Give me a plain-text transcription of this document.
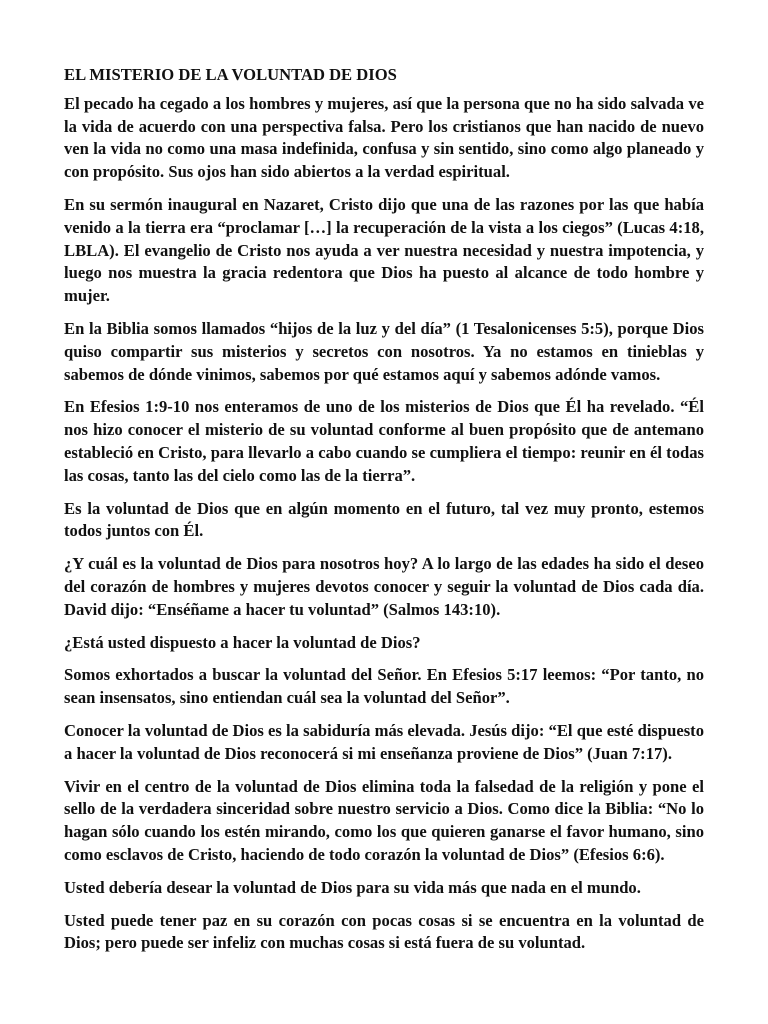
EL MISTERIO DE LA VOLUNTAD DE DIOS

El pecado ha cegado a los hombres y mujeres, así que la persona que no ha sido salvada ve la vida de acuerdo con una perspectiva falsa. Pero los cristianos que han nacido de nuevo ven la vida no como una masa indefinida, confusa y sin sentido, sino como algo planeado y con propósito. Sus ojos han sido abiertos a la verdad espiritual.

En su sermón inaugural en Nazaret, Cristo dijo que una de las razones por las que había venido a la tierra era “proclamar […] la recuperación de la vista a los ciegos” (Lucas 4:18, LBLA). El evangelio de Cristo nos ayuda a ver nuestra necesidad y nuestra impotencia, y luego nos muestra la gracia redentora que Dios ha puesto al alcance de todo hombre y mujer.

En la Biblia somos llamados “hijos de la luz y del día” (1 Tesalonicenses 5:5), porque Dios quiso compartir sus misterios y secretos con nosotros. Ya no estamos en tinieblas y sabemos de dónde vinimos, sabemos por qué estamos aquí y sabemos adónde vamos.

En Efesios 1:9-10 nos enteramos de uno de los misterios de Dios que Él ha revelado. “Él nos hizo conocer el misterio de su voluntad conforme al buen propósito que de antemano estableció en Cristo, para llevarlo a cabo cuando se cumpliera el tiempo: reunir en él todas las cosas, tanto las del cielo como las de la tierra”.

Es la voluntad de Dios que en algún momento en el futuro, tal vez muy pronto, estemos todos juntos con Él.

¿Y cuál es la voluntad de Dios para nosotros hoy? A lo largo de las edades ha sido el deseo del corazón de hombres y mujeres devotos conocer y seguir la voluntad de Dios cada día. David dijo: “Enséñame a hacer tu voluntad” (Salmos 143:10).

¿Está usted dispuesto a hacer la voluntad de Dios?

Somos exhortados a buscar la voluntad del Señor. En Efesios 5:17 leemos: “Por tanto, no sean insensatos, sino entiendan cuál sea la voluntad del Señor”.

Conocer la voluntad de Dios es la sabiduría más elevada. Jesús dijo: “El que esté dispuesto a hacer la voluntad de Dios reconocerá si mi enseñanza proviene de Dios” (Juan 7:17).

Vivir en el centro de la voluntad de Dios elimina toda la falsedad de la religión y pone el sello de la verdadera sinceridad sobre nuestro servicio a Dios. Como dice la Biblia: “No lo hagan sólo cuando los estén mirando, como los que quieren ganarse el favor humano, sino como esclavos de Cristo, haciendo de todo corazón la voluntad de Dios” (Efesios 6:6).

Usted debería desear la voluntad de Dios para su vida más que nada en el mundo.

Usted puede tener paz en su corazón con pocas cosas si se encuentra en la voluntad de Dios; pero puede ser infeliz con muchas cosas si está fuera de su voluntad.
